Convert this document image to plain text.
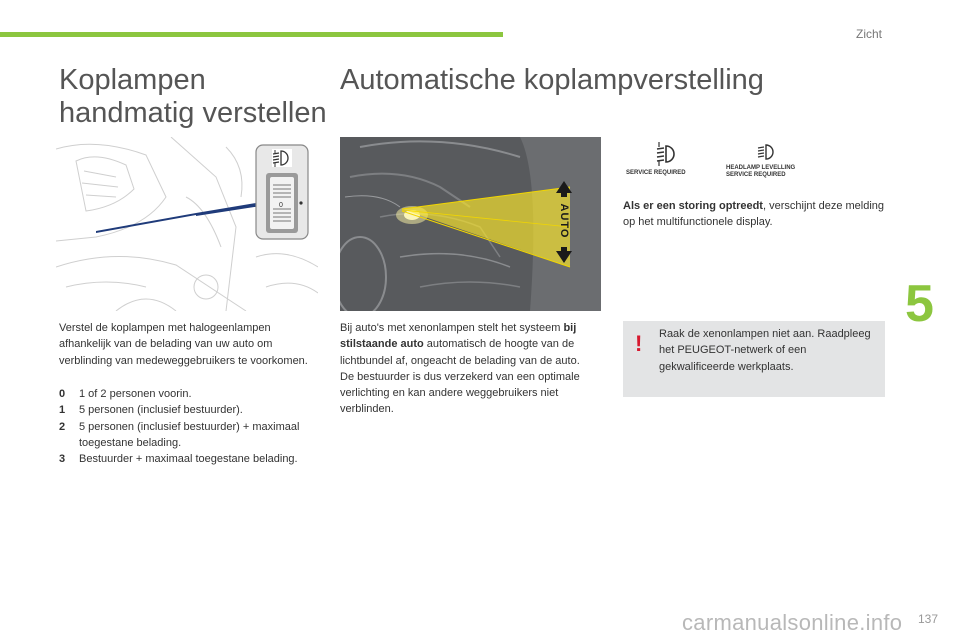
Zicht
5
Koplampen
handmatig verstellen
Automatische koplampverstelling
0	AUTO

Verstel de koplampen met halogeenlampen afhankelijk van de belading van uw auto om verblinding van medeweggebruikers te voorkomen.

0	1 of 2 personen voorin.
1	5 personen (inclusief bestuurder).
2	5 personen (inclusief bestuurder) + maximaal toegestane belading.
3	Bestuurder + maximaal toegestane belading.

Bij auto's met xenonlampen stelt het systeem bij stilstaande auto automatisch de hoogte van de lichtbundel af, ongeacht de belading van de auto. De bestuurder is dus verzekerd van een optimale verlichting en kan andere weggebruikers niet verblinden.

SERVICE REQUIRED
HEADLAMP LEVELLING
SERVICE REQUIRED

Als er een storing optreedt, verschijnt deze melding op het multifunctionele display.

! Raak de xenonlampen niet aan. Raadpleeg het PEUGEOT-netwerk of een gekwalificeerde werkplaats.

carmanualsonline.info 137
